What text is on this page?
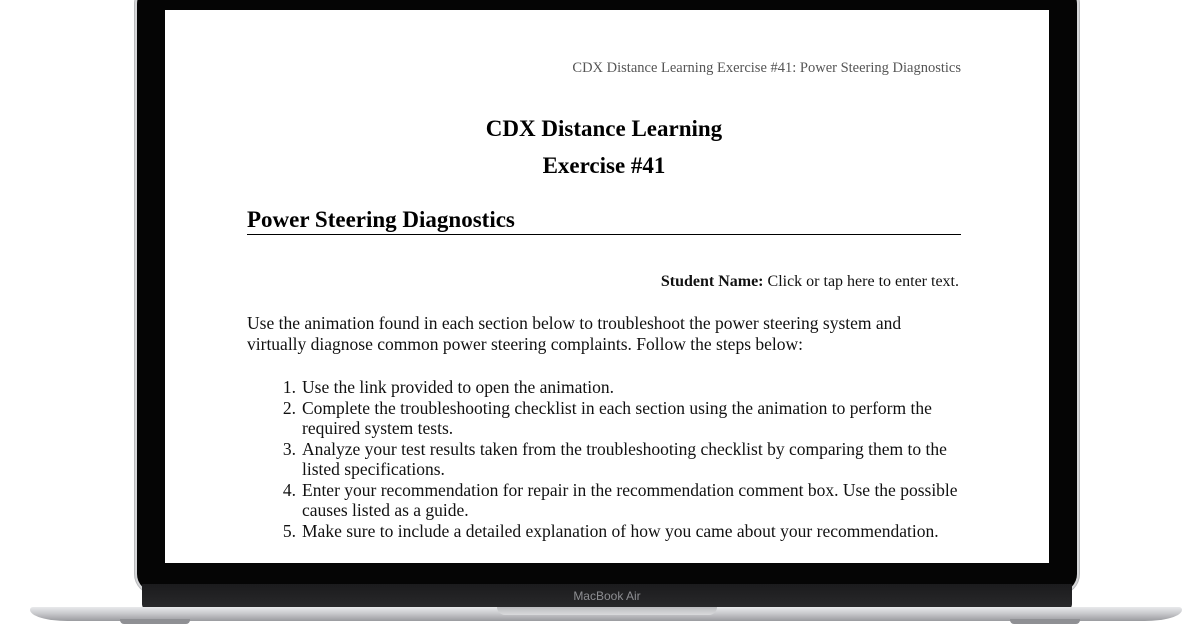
CDX Distance Learning Exercise #41: Power Steering Diagnostics
CDX Distance Learning
Exercise #41
Power Steering Diagnostics
Student Name: Click or tap here to enter text.
Use the animation found in each section below to troubleshoot the power steering system and virtually diagnose common power steering complaints. Follow the steps below:
1. Use the link provided to open the animation.
2. Complete the troubleshooting checklist in each section using the animation to perform the required system tests.
3. Analyze your test results taken from the troubleshooting checklist by comparing them to the listed specifications.
4. Enter your recommendation for repair in the recommendation comment box. Use the possible causes listed as a guide.
5. Make sure to include a detailed explanation of how you came about your recommendation.
MacBook Air
